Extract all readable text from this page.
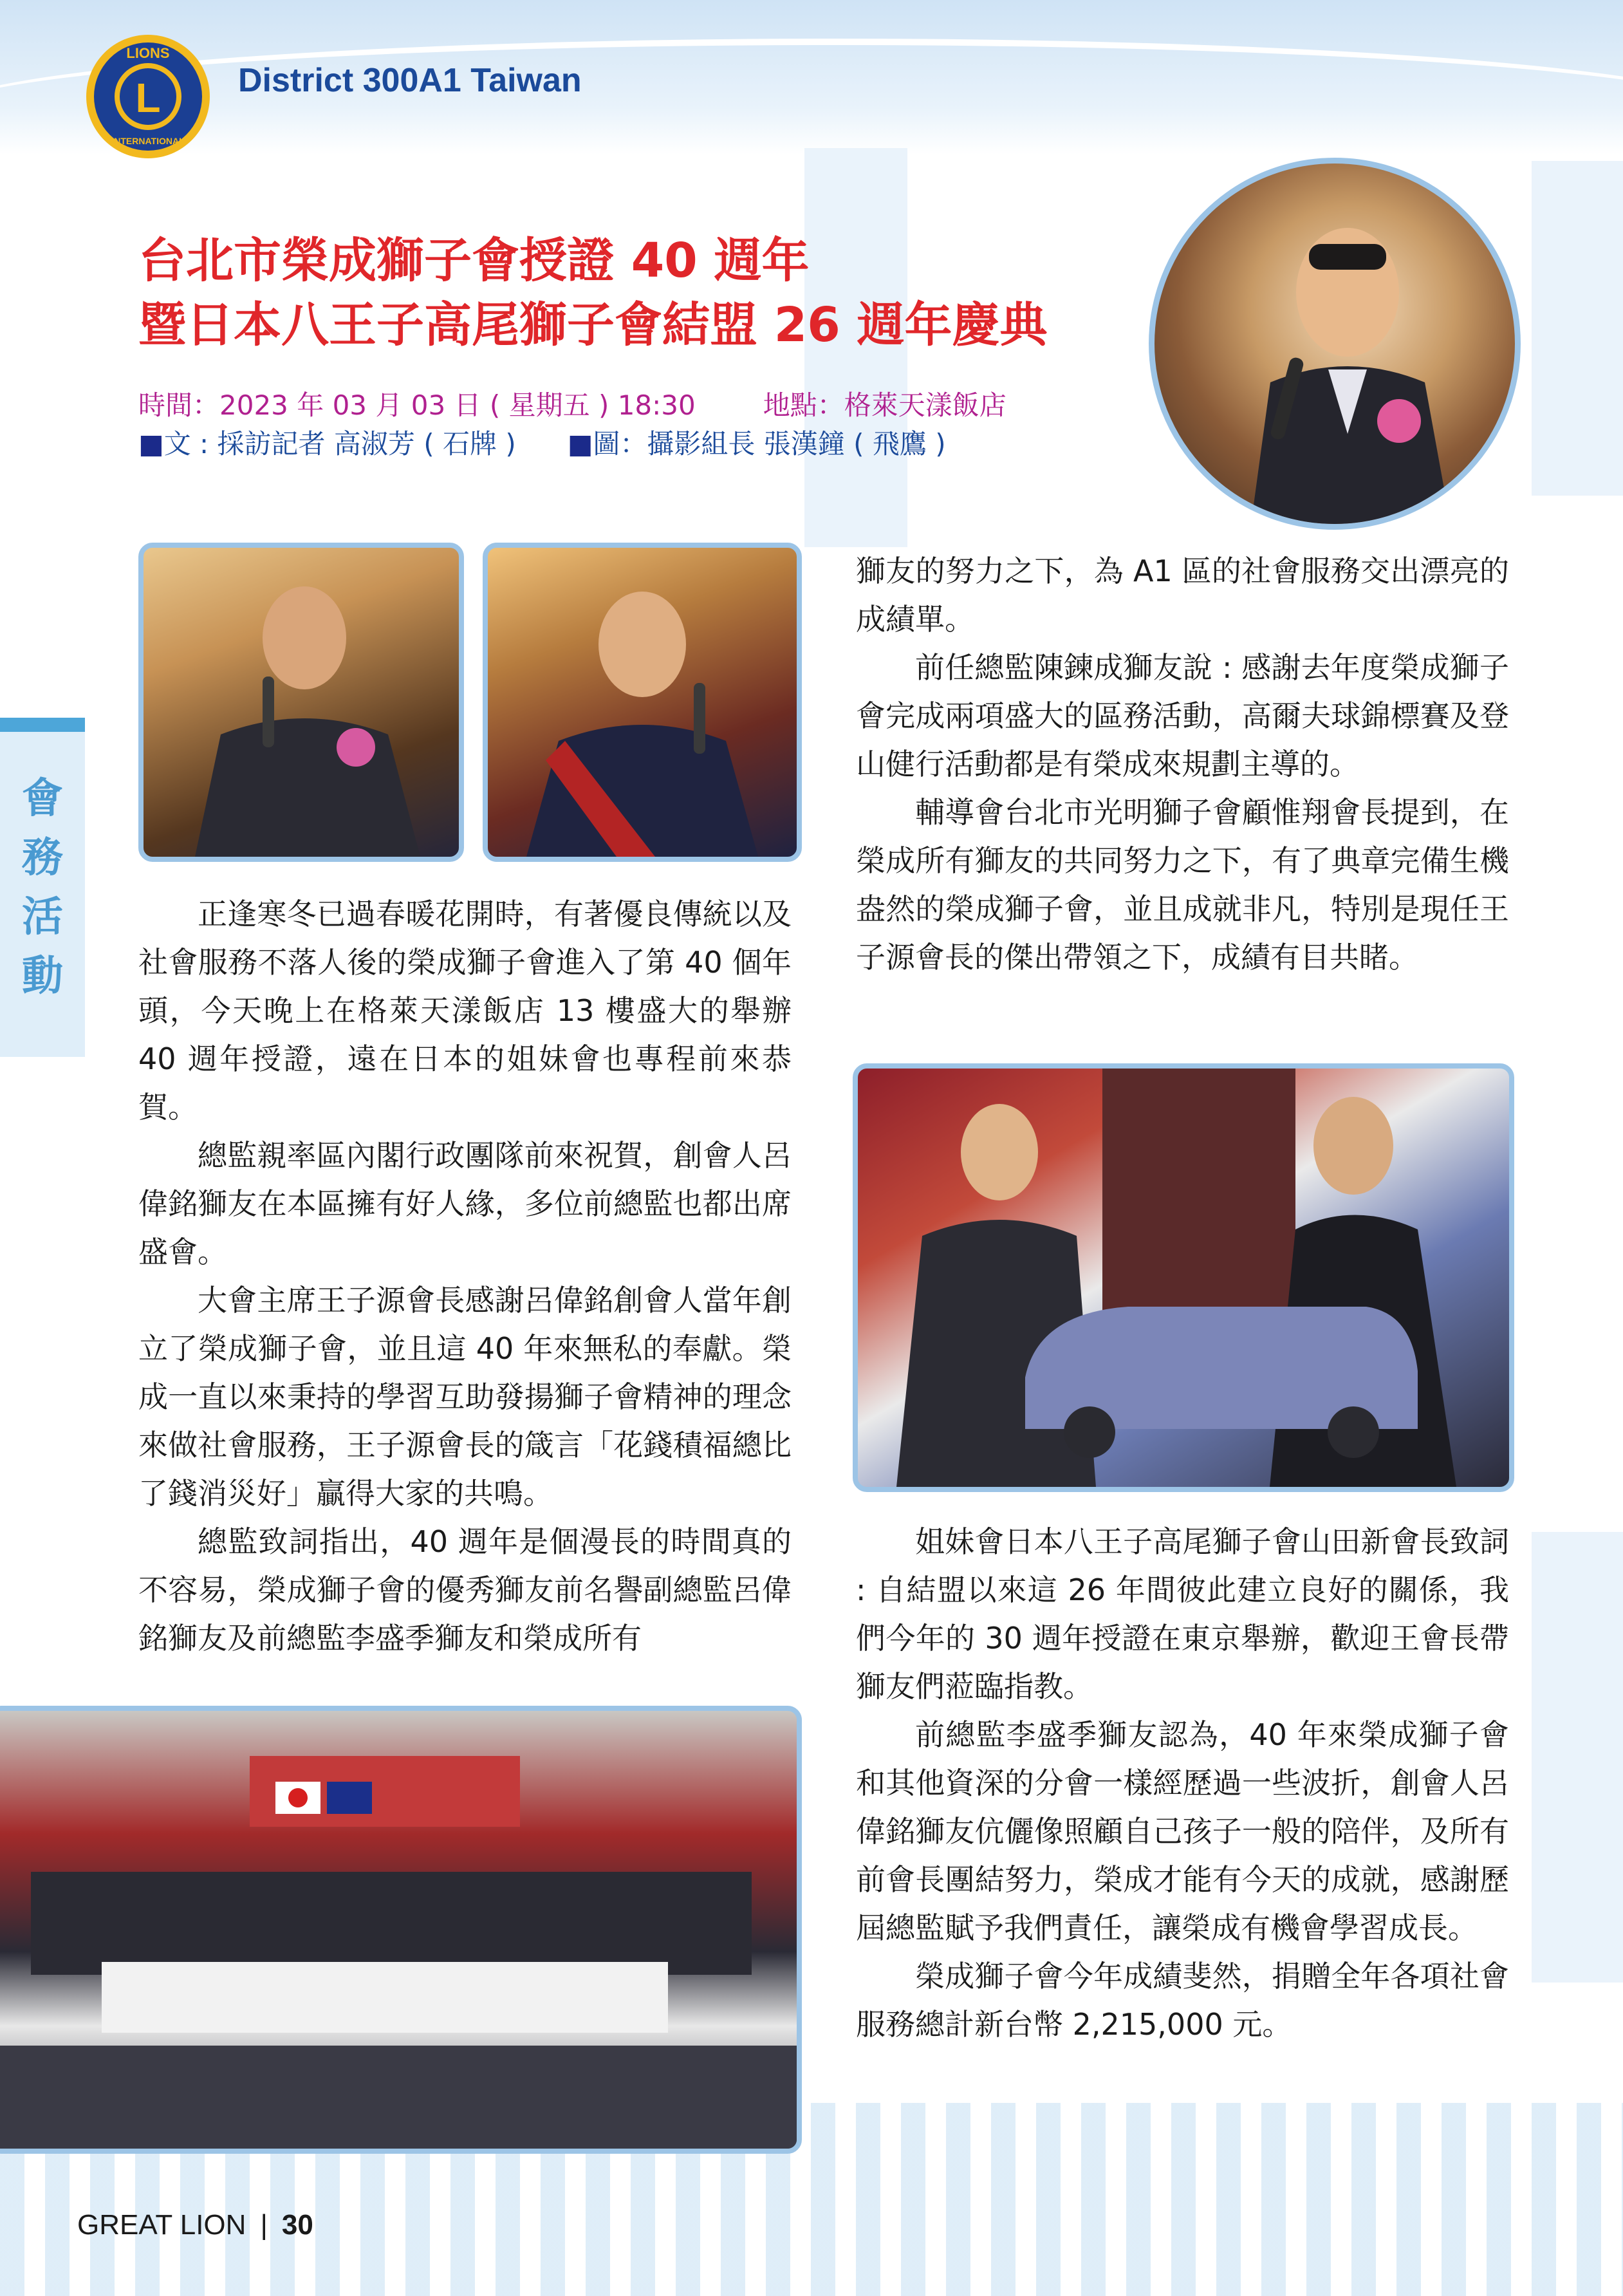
L
LIONS
INTERNATIONAL
District 300A1 Taiwan
會務活動
台北市榮成獅子會授證 40 週年
暨日本八王子高尾獅子會結盟 26 週年慶典
時間：2023 年 03 月 03 日 ( 星期五 ) 18:30	地點：格萊天漾飯店
■文 : 採訪記者 高淑芳 ( 石牌 ) ■圖：攝影組長 張漢鐘 ( 飛鷹 )

正逢寒冬已過春暖花開時，有著優良傳統以及社會服務不落人後的榮成獅子會進入了第 40 個年頭，今天晚上在格萊天漾飯店 13 樓盛大的舉辦 40 週年授證，遠在日本的姐妹會也專程前來恭賀。

總監親率區內閣行政團隊前來祝賀，創會人呂偉銘獅友在本區擁有好人緣，多位前總監也都出席盛會。

大會主席王子源會長感謝呂偉銘創會人當年創立了榮成獅子會，並且這 40 年來無私的奉獻。榮成一直以來秉持的學習互助發揚獅子會精神的理念來做社會服務，王子源會長的箴言「花錢積福總比了錢消災好」贏得大家的共鳴。

總監致詞指出，40 週年是個漫長的時間真的不容易，榮成獅子會的優秀獅友前名譽副總監呂偉銘獅友及前總監李盛季獅友和榮成所有

獅友的努力之下，為 A1 區的社會服務交出漂亮的成績單。

前任總監陳鍊成獅友說 : 感謝去年度榮成獅子會完成兩項盛大的區務活動，高爾夫球錦標賽及登山健行活動都是有榮成來規劃主導的。

輔導會台北市光明獅子會顧惟翔會長提到，在榮成所有獅友的共同努力之下，有了典章完備生機盎然的榮成獅子會，並且成就非凡，特別是現任王子源會長的傑出帶領之下，成績有目共睹。

姐妹會日本八王子高尾獅子會山田新會長致詞 : 自結盟以來這 26 年間彼此建立良好的關係，我們今年的 30 週年授證在東京舉辦，歡迎王會長帶獅友們蒞臨指教。

前總監李盛季獅友認為，40 年來榮成獅子會和其他資深的分會一樣經歷過一些波折，創會人呂偉銘獅友伉儷像照顧自己孩子一般的陪伴，及所有前會長團結努力，榮成才能有今天的成就，感謝歷屆總監賦予我們責任，讓榮成有機會學習成長。

榮成獅子會今年成績斐然，捐贈全年各項社會服務總計新台幣 2,215,000 元。

GREAT LION | 30
